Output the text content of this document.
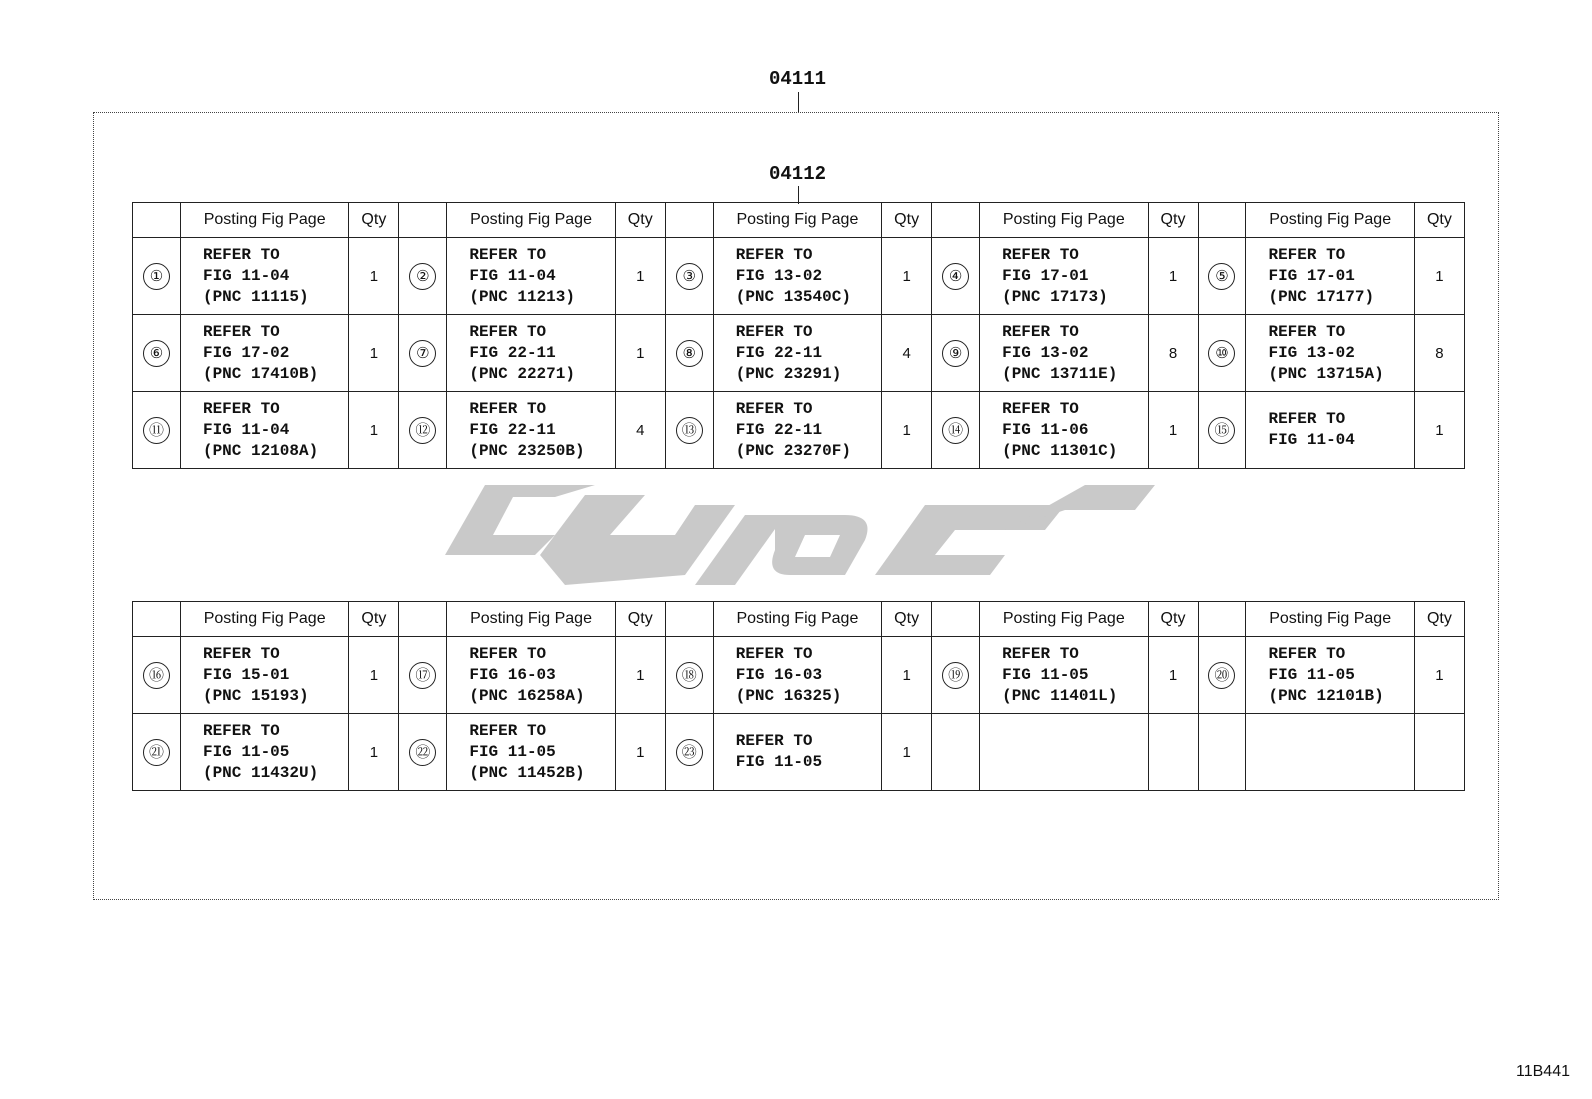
04111
04112
	Posting Fig Page	Qty		Posting Fig Page	Qty		Posting Fig Page	Qty		Posting Fig Page	Qty		Posting Fig Page	Qty
①	REFER TO
FIG 11-04
(PNC 11115)	1	②	REFER TO
FIG 11-04
(PNC 11213)	1	③	REFER TO
FIG 13-02
(PNC 13540C)	1	④	REFER TO
FIG 17-01
(PNC 17173)	1	⑤	REFER TO
FIG 17-01
(PNC 17177)	1
⑥	REFER TO
FIG 17-02
(PNC 17410B)	1	⑦	REFER TO
FIG 22-11
(PNC 22271)	1	⑧	REFER TO
FIG 22-11
(PNC 23291)	4	⑨	REFER TO
FIG 13-02
(PNC 13711E)	8	⑩	REFER TO
FIG 13-02
(PNC 13715A)	8
⑪	REFER TO
FIG 11-04
(PNC 12108A)	1	⑫	REFER TO
FIG 22-11
(PNC 23250B)	4	⑬	REFER TO
FIG 22-11
(PNC 23270F)	1	⑭	REFER TO
FIG 11-06
(PNC 11301C)	1	⑮	REFER TO
FIG 11-04	1
	Posting Fig Page	Qty		Posting Fig Page	Qty		Posting Fig Page	Qty		Posting Fig Page	Qty		Posting Fig Page	Qty
⑯	REFER TO
FIG 15-01
(PNC 15193)	1	⑰	REFER TO
FIG 16-03
(PNC 16258A)	1	⑱	REFER TO
FIG 16-03
(PNC 16325)	1	⑲	REFER TO
FIG 11-05
(PNC 11401L)	1	⑳	REFER TO
FIG 11-05
(PNC 12101B)	1
㉑	REFER TO
FIG 11-05
(PNC 11432U)	1	㉒	REFER TO
FIG 11-05
(PNC 11452B)	1	㉓	REFER TO
FIG 11-05	1						
11B441
